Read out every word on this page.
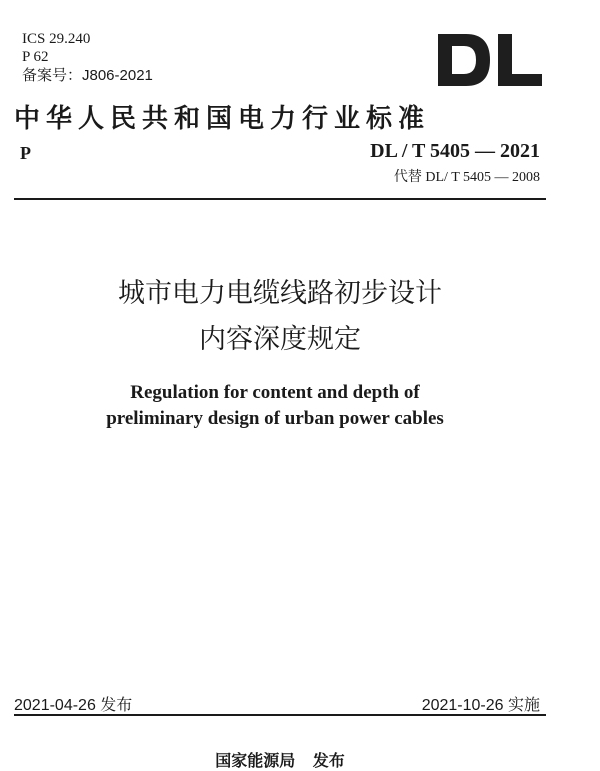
ICS 29.240
P 62
备案号：J806-2021
中华人民共和国电力行业标准
P	DL / T 5405 — 2021
代替 DL/ T 5405 — 2008
城市电力电缆线路初步设计
内容深度规定
Regulation for content and depth of
preliminary design of urban power cables
2021-04-26 发布	2021-10-26 实施
国家能源局 发布
